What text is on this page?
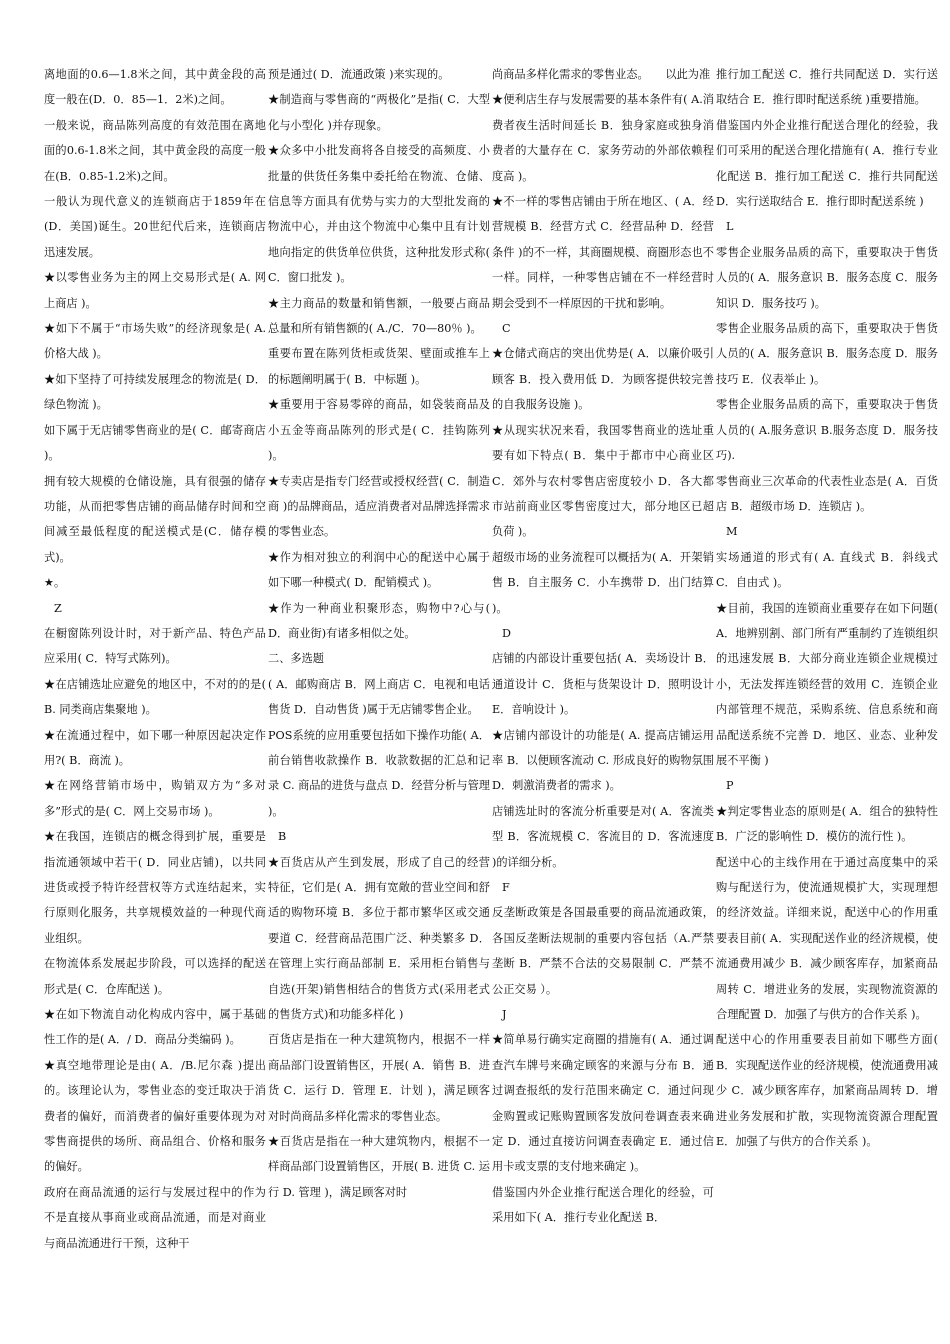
离地面的0.6—1.8米之间，其中黄金段的高度一般在(D．0．85—1．2米)之间。

一般来说，商品陈列高度的有效范围在离地面的0.6-1.8米之间，其中黄金段的高度一般在(B．0.85-1.2米)之间。

一般认为现代意义的连锁商店于1859年在(D．美国)诞生。20世纪代后来，连锁商店迅速发展。

★以零售业务为主的网上交易形式是( A. 网上商店 )。

★如下不属于“市场失败”的经济现象是( A. 价格大战 )。

★如下坚持了可持续发展理念的物流是( D．绿色物流 )。

如下属于无店铺零售商业的是( C．邮寄商店 )。

拥有较大规模的仓储设施，具有很强的储存功能，从而把零售店铺的商品储存时间和空间减至最低程度的配送模式是(C．储存模式)。

★。

Z

在橱窗陈列设计时，对于新产品、特色产品应采用( C．特写式陈列)。

★在店铺选址应避免的地区中，不对的的是( B. 同类商店集聚地 )。

★在流通过程中，如下哪一种原因起决定作用?( B．商流 )。

★在网络营销市场中，购销双方为“多对多”形式的是( C．网上交易市场 )。

★在我国，连锁店的概念得到扩展，重要是指流通领域中若干( D．同业店铺)，以共同进货或授予特许经营权等方式连结起来，实行原则化服务，共享规模效益的一种现代商业组织。

在物流体系发展起步阶段，可以选择的配送形式是( C．仓库配送 )。

★在如下物流自动化构成内容中，属于基础性工作的是( A．/ D．商品分类编码 )。

★真空地带理论是由( A．/B.尼尔森 )提出的。该理论认为，零售业态的变迁取决于消费者的偏好，而消费者的偏好重要体现为对零售商提供的场所、商品组合、价格和服务的偏好。

政府在商品流通的运行与发展过程中的作为不是直接从事商业或商品流通，而是对商业与商品流通进行干预，这种干

预是通过( D．流通政策 )来实现的。

★制造商与零售商的“两极化”是指( C．大型化与小型化 )并存现象。

★众多中小批发商将各自接受的高频度、小批量的供货任务集中委托给在物流、仓储、信息等方面具有优势与实力的大型批发商的物流中心，并由这个物流中心集中且有计划地向指定的供货单位供货，这种批发形式称( C．窗口批发 )。

★主力商品的数量和销售额，一般要占商品总量和所有销售额的( A./C．70—80％ )。

重要布置在陈列货柜或货架、壁面或推车上的标题阐明属于( B．中标题 )。

★重要用于容易零碎的商品，如袋装商品及小五金等商品陈列的形式是( C．挂钩陈列 )。

★专卖店是指专门经营或授权经营( C．制造商 )的品牌商品，适应消费者对品牌选择需求的零售业态。

★作为相对独立的利润中心的配送中心属于如下哪一种模式( D．配销模式 )。

★作为一种商业积聚形态，购物中?心与( D．商业街)有诸多相似之处。

二、多选题

( A．邮购商店 B．网上商店 C．电视和电话售货 D．自动售货 )属于无店铺零售企业。

POS系统的应用重要包括如下操作功能( A．前台销售收款操作 B．收款数据的汇总和记录 C. 商品的进货与盘点 D．经营分析与管理 )。

B

★百货店从产生到发展，形成了自己的经营特征，它们是( A．拥有宽敞的营业空间和舒适的购物环境 B．多位于都市繁华区或交通要道 C．经营商品范围广泛、种类繁多 D．在管理上实行商品部制 E．采用柜台销售与自选(开架)销售相结合的售货方式(采用老式的售货方式)和功能多样化 )

百货店是指在一种大建筑物内，根据不一样商品部门设置销售区，开展( A．销售 B．进货 C．运行 D．管理 E．计划 )，满足顾客对时尚商品多样化需求的零售业态。

★百货店是指在一种大建筑物内，根据不一样商品部门设置销售区，开展( B. 进货 C. 运行 D. 管理 )，满足顾客对时

尚商品多样化需求的零售业态。　　以此为准

★便利店生存与发展需要的基本条件有( A.消费者夜生活时间延长 B．独身家庭或独身消费者的大量存在 C．家务劳动的外部依赖程度高 )。

★不一样的零售店铺由于所在地区、( A．经营规模 B．经营方式 C．经营品种 D．经营条件 )的不一样，其商圈规模、商圈形态也不一样。同样，一种零售店铺在不一样经营时期会受到不一样原因的干扰和影响。

C

★仓储式商店的突出优势是( A．以廉价吸引顾客 B．投入费用低 D．为顾客提供较完善的自我服务设施 )。

★从现实状况来看，我国零售商业的选址重要有如下特点( B．集中于都市中心商业区 C．郊外与农村零售店密度较小 D．各大都市站前商业区零售密度过大，部分地区已超负荷 )。

超级市场的业务流程可以概括为( A．开架销售 B．自主服务 C．小车携带 D．出门结算 )。

D

店铺的内部设计重要包括( A．卖场设计 B．通道设计 C．货柜与货架设计 D．照明设计 E．音响设计 )。

★店铺内部设计的功能是( A. 提高店铺运用率 B．以便顾客流动 C. 形成良好的购物氛围 D．刺激消费者的需求 )。

店铺选址时的客流分析重要是对( A．客流类型 B．客流规模 C．客流目的 D．客流速度 )的详细分析。

F

反垄断政策是各国最重要的商品流通政策，各国反垄断法规制的重要内容包括（A.严禁垄断 B．严禁不合法的交易限制 C．严禁不公正交易 ）。

J

★简单易行确实定商圈的措施有( A．通过调查汽车牌号来确定顾客的来源与分布 B．通过调查报纸的发行范围来确定 C．通过问现金购置或记账购置顾客发放问卷调查表来确定 D．通过直接访问调查表确定 E．通过信用卡或支票的支付地来确定 )。

借鉴国内外企业推行配送合理化的经验，可采用如下( A．推行专业化配送 B．

推行加工配送 C．推行共同配送 D．实行送取结合 E．推行即时配送系统 )重要措施。

借鉴国内外企业推行配送合理化的经验，我们可采用的配送合理化措施有( A．推行专业化配送 B．推行加工配送 C．推行共同配送 D．实行送取结合 E．推行即时配送系统 )

L

零售企业服务品质的高下，重要取决于售货人员的( A．服务意识 B．服务态度 C．服务知识 D．服务技巧 )。

零售企业服务品质的高下，重要取决于售货人员的( A．服务意识 B．服务态度 D．服务技巧 E．仪表举止 )。

零售企业服务品质的高下，重要取决于售货人员的( A.服务意识 B.服务态度 D．服务技巧).

零售商业三次革命的代表性业态是( A．百货店 B．超级市场 D．连锁店 )。

M

实场通道的形式有( A. 直线式 B．斜线式 C．自由式 )。

★目前，我国的连锁商业重要存在如下问题( A．地辨别割、部门所有严重制约了连锁组织的迅速发展 B．大部分商业连锁企业规模过小，无法发挥连锁经营的效用 C．连锁企业内部管理不规范，采购系统、信息系统和商品配送系统不完善 D．地区、业态、业种发展不平衡 )

P

★判定零售业态的原则是( A．组合的独特性 B．广泛的影响性 D．模仿的流行性 )。

配送中心的主线作用在于通过高度集中的采购与配送行为，使流通规模扩大，实现理想的经济效益。详细来说，配送中心的作用重要表目前( A．实现配送作业的经济规模，使流通费用减少 B．减少顾客库存，加紧商品周转 C．增进业务的发展，实现物流资源的合理配置 D．加强了与供方的合作关系 )。

配送中心的作用重要表目前如下哪些方面( B．实现配送作业的经济规模，使流通费用减少 C．减少顾客库存，加紧商品周转 D．增进业务发展和扩散，实现物流资源合理配置 E．加强了与供方的合作关系 )。
